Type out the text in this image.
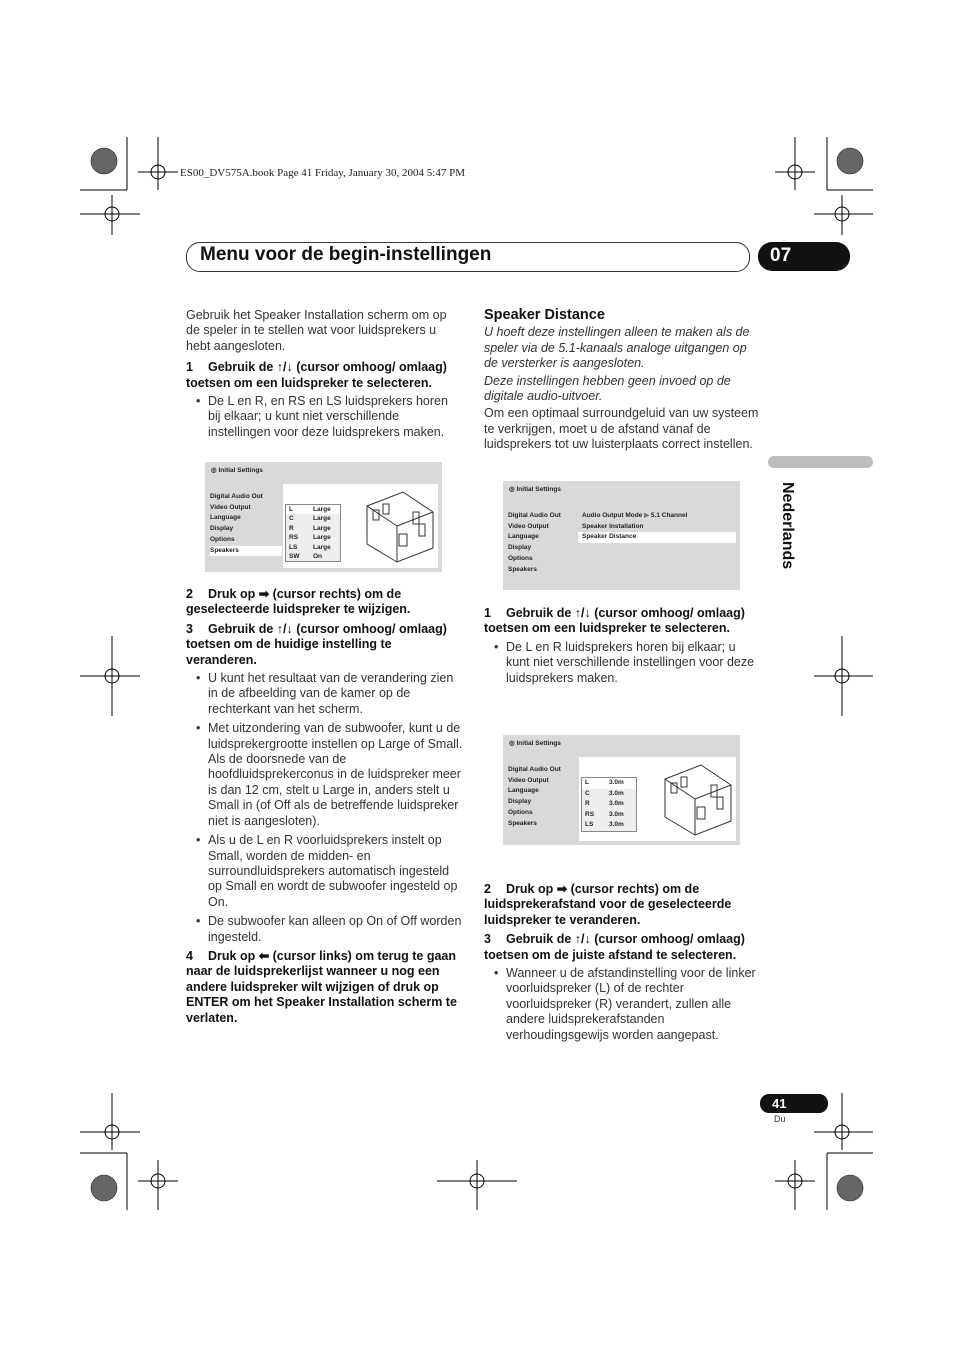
ES00_DV575A.book Page 41 Friday, January 30, 2004 5:47 PM
Menu voor de begin-instellingen	07
Nederlands

Gebruik het Speaker Installation scherm om op de speler in te stellen wat voor luidsprekers u hebt aangesloten.

1 Gebruik de ↑/↓ (cursor omhoog/ omlaag) toetsen om een luidspreker te selecteren.
• De L en R, en RS en LS luidsprekers horen bij elkaar; u kunt niet verschillende instellingen voor deze luidsprekers maken.
◎ Initial Settings
Digital Audio Out
Video Output
Language
Display
Options
Speakers
L	Large
C	Large
R	Large
RS Large
LS Large
SW On
2 Druk op ➡ (cursor rechts) om de geselecteerde luidspreker te wijzigen.
3 Gebruik de ↑/↓ (cursor omhoog/ omlaag) toetsen om de huidige instelling te veranderen.
• U kunt het resultaat van de verandering zien in de afbeelding van de kamer op de rechterkant van het scherm.
• Met uitzondering van de subwoofer, kunt u de luidsprekergrootte instellen op Large of Small. Als de doorsnede van de hoofdluidsprekerconus in de luidspreker meer is dan 12 cm, stelt u Large in, anders stelt u Small in (of Off als de betreffende luidspreker niet is aangesloten).
• Als u de L en R voorluidsprekers instelt op Small, worden de midden- en surroundluidsprekers automatisch ingesteld op Small en wordt de subwoofer ingesteld op On.
• De subwoofer kan alleen op On of Off worden ingesteld.
4 Druk op ⬅ (cursor links) om terug te gaan naar de luidsprekerlijst wanneer u nog een andere luidspreker wilt wijzigen of druk op ENTER om het Speaker Installation scherm te verlaten.
Speaker Distance

U hoeft deze instellingen alleen te maken als de speler via de 5.1-kanaals analoge uitgangen op de versterker is aangesloten.

Deze instellingen hebben geen invoed op de digitale audio-uitvoer.

Om een optimaal surroundgeluid van uw systeem te verkrijgen, moet u de afstand vanaf de luidsprekers tot uw luisterplaats correct instellen.

◎ Initial Settings
Digital Audio Out
Video Output
Language
Display
Options
Speakers
Audio Output Mode ▶ 5.1 Channel
Speaker Installation
Speaker Distance
1 Gebruik de ↑/↓ (cursor omhoog/ omlaag) toetsen om een luidspreker te selecteren.
• De L en R luidsprekers horen bij elkaar; u kunt niet verschillende instellingen voor deze luidsprekers maken.
◎ Initial Settings
Digital Audio Out
Video Output
Language
Display
Options
Speakers
L	3.0m
C	3.0m
R	3.0m
RS 3.0m
LS 3.0m
2 Druk op ➡ (cursor rechts) om de luidsprekerafstand voor de geselecteerde luidspreker te veranderen.
3 Gebruik de ↑/↓ (cursor omhoog/ omlaag) toetsen om de juiste afstand te selecteren.
• Wanneer u de afstandinstelling voor de linker voorluidspreker (L) of de rechter voorluidspreker (R) verandert, zullen alle andere luidsprekerafstanden verhoudingsgewijs worden aangepast.
41
Du
